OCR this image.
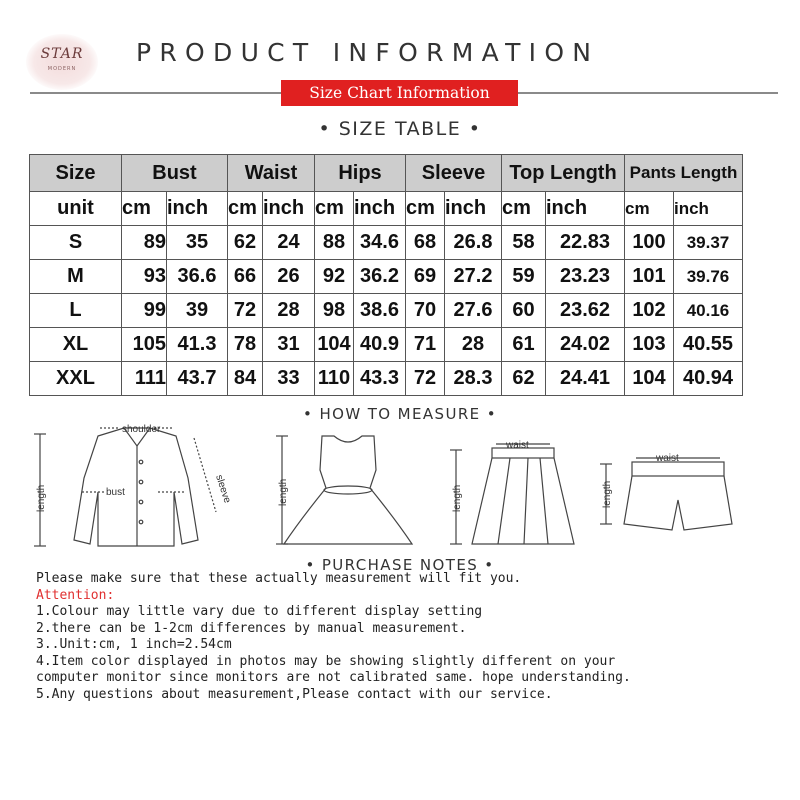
STAR
MODERN
PRODUCT INFORMATION
Size Chart Information
• SIZE TABLE •
Size	Bust		Waist		Hips		Sleeve		Top Length		Pants Length	
unit	cm	inch	cm	inch	cm	inch	cm	inch	cm	inch	cm	inch
S	89	35	62	24	88	34.6	68	26.8	58	22.83	100	39.37
M	93	36.6	66	26	92	36.2	69	27.2	59	23.23	101	39.76
L	99	39	72	28	98	38.6	70	27.6	60	23.62	102	40.16
XL	105	41.3	78	31	104	40.9	71	28	61	24.02	103	40.55
XXL	111	43.7	84	33	110	43.3	72	28.3	62	24.41	104	40.94
• HOW TO MEASURE •
shoulder
bust
length	sleeve	length
waist
length
waist
length
• PURCHASE NOTES •
Please make sure that these actually measurement will fit you.
Attention:
1.Colour may little vary due to different display setting
2.there can be 1-2cm differences by manual measurement.
3..Unit:cm, 1 inch=2.54cm
4.Item color displayed in photos may be showing slightly different on your
computer monitor since monitors are not calibrated same. hope understanding.
5.Any questions about measurement,Please contact with our service.
